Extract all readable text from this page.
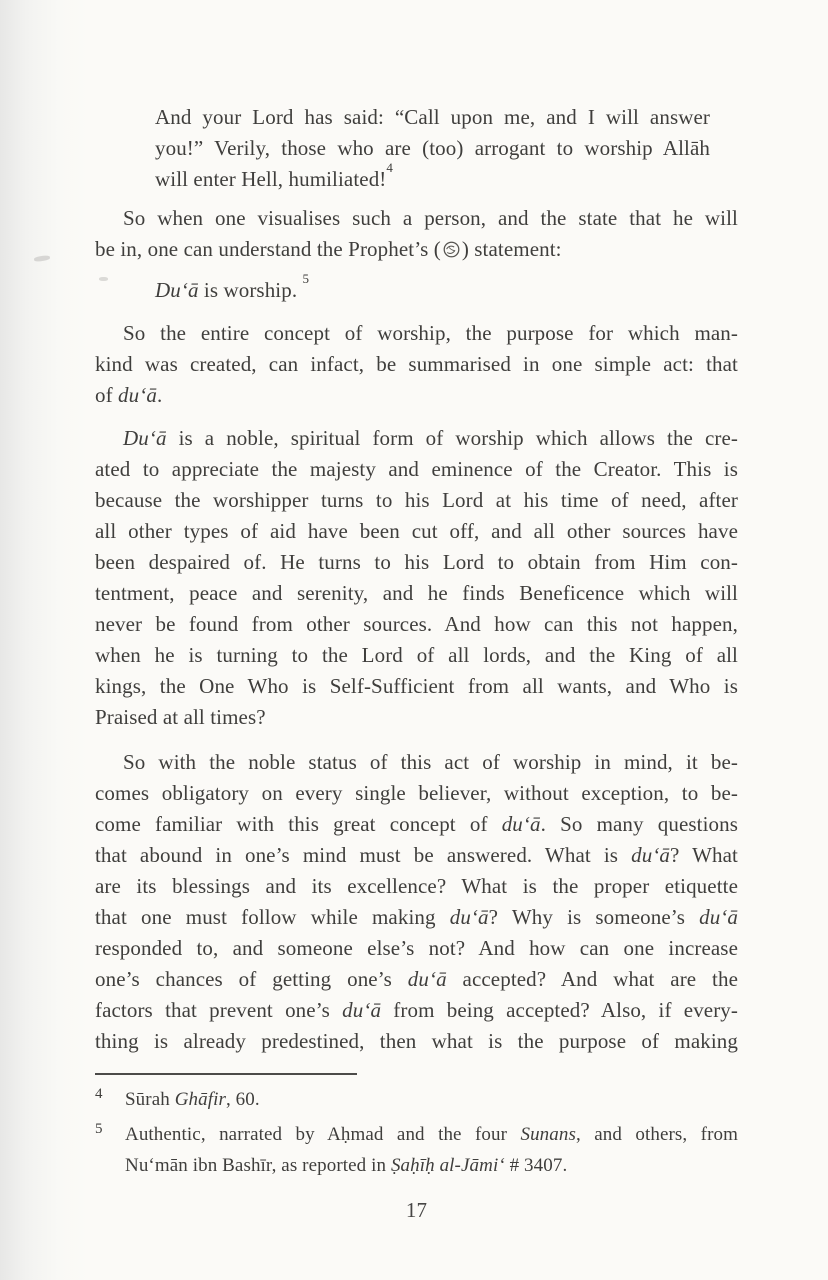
And your Lord has said: “Call upon me, and I will answer
you!” Verily, those who are (too) arrogant to worship Allāh
will enter Hell, humiliated!$^4$
So when one visualises such a person, and the state that he will
be in, one can understand the Prophet’s ( ) statement:
Du‘ā is worship. $^5$
So the entire concept of worship, the purpose for which man-
kind was created, can infact, be summarised in one simple act: that
of du‘ā.
Du‘ā is a noble, spiritual form of worship which allows the cre-
ated to appreciate the majesty and eminence of the Creator. This is
because the worshipper turns to his Lord at his time of need, after
all other types of aid have been cut off, and all other sources have
been despaired of. He turns to his Lord to obtain from Him con-
tentment, peace and serenity, and he finds Beneficence which will
never be found from other sources. And how can this not happen,
when he is turning to the Lord of all lords, and the King of all
kings, the One Who is Self-Sufficient from all wants, and Who is
Praised at all times?
So with the noble status of this act of worship in mind, it be-
comes obligatory on every single believer, without exception, to be-
come familiar with this great concept of du‘ā. So many questions
that abound in one’s mind must be answered. What is du‘ā? What
are its blessings and its excellence? What is the proper etiquette
that one must follow while making du‘ā? Why is someone’s du‘ā
responded to, and someone else’s not? And how can one increase
one’s chances of getting one’s du‘ā accepted? And what are the
factors that prevent one’s du‘ā from being accepted? Also, if every-
thing is already predestined, then what is the purpose of making
4 Sūrah Ghāfir, 60.
5 Authentic, narrated by Aḥmad and the four Sunans, and others, from
Nu‘mān ibn Bashīr, as reported in Ṣaḥīḥ al-Jāmi‘ # 3407.
17
